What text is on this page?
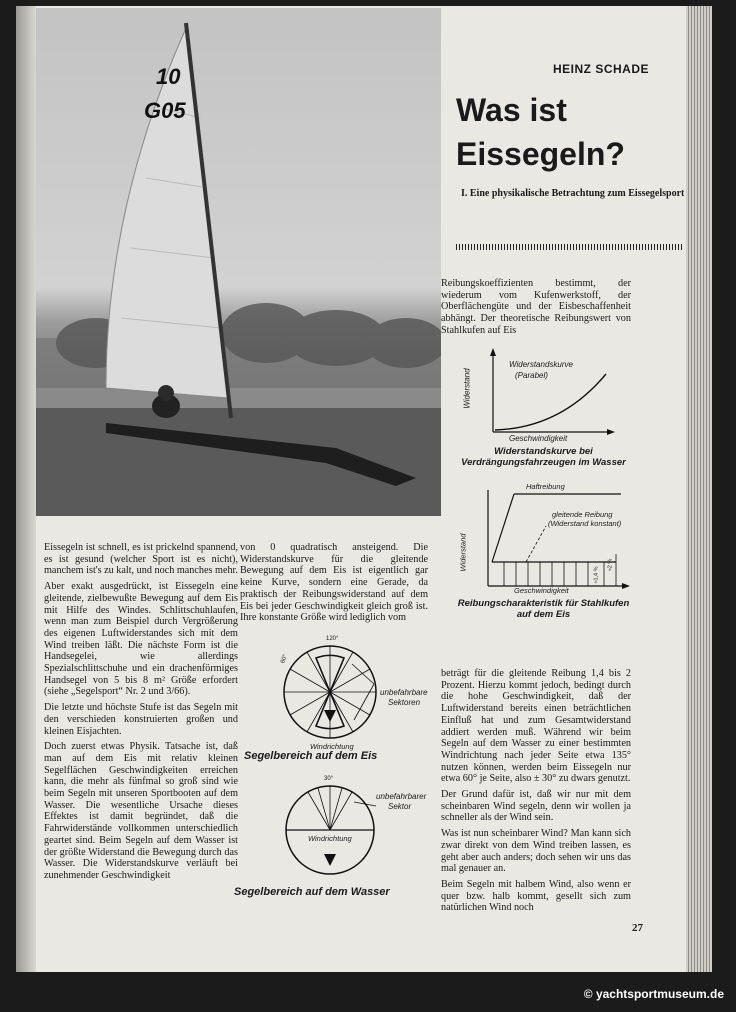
10
G05
HEINZ SCHADE
Was ist Eissegeln?
I. Eine physikalische Betrachtung zum Eissegelsport

Reibungskoeffizienten bestimmt, der wiederum vom Kufenwerkstoff, der Oberflächengüte und der Eisbeschaffenheit abhängt. Der theoretische Reibungswert von Stahlkufen auf Eis

Widerstand
Widerstandskurve
(Parabel)
Geschwindigkeit
Widerstandskurve bei Verdrängungsfahrzeugen im Wasser
Haftreibung
gleitende Reibung
(Widerstand konstant)
Widerstand
≈1,4 %
≈2 %
Geschwindigkeit
Reibungscharakteristik für Stahlkufen auf dem Eis

Eissegeln ist schnell, es ist prickelnd spannend, es ist gesund (welcher Sport ist es nicht), manchem ist's zu kalt, und noch manches mehr.

Aber exakt ausgedrückt, ist Eissegeln eine gleitende, zielbewußte Bewegung auf dem Eis mit Hilfe des Windes. Schlittschuhlaufen, wenn man zum Beispiel durch Vergrößerung des eigenen Luftwiderstandes sich mit dem Wind treiben läßt. Die nächste Form ist die Handsegelei, wie allerdings Spezialschlittschuhe und ein drachenförmiges Handsegel von 5 bis 8 m² Größe erfordert (siehe „Segelsport“ Nr. 2 und 3/66).

Die letzte und höchste Stufe ist das Segeln mit den verschieden konstruierten großen und kleinen Eisjachten.

Doch zuerst etwas Physik. Tatsache ist, daß man auf dem Eis mit relativ kleinen Segelflächen Geschwindigkeiten erreichen kann, die mehr als fünfmal so groß sind wie beim Segeln mit unseren Sportbooten auf dem Wasser. Die wesentliche Ursache dieses Effektes ist damit begründet, daß die Fahrwiderstände vollkommen unterschiedlich geartet sind. Beim Segeln auf dem Wasser ist der größte Widerstand die Bewegung durch das Wasser. Die Widerstandskurve verläuft bei zunehmender Geschwindigkeit

von 0 quadratisch ansteigend. Die Widerstandskurve für die gleitende Bewegung auf dem Eis ist eigentlich gar keine Kurve, sondern eine Gerade, da praktisch der Reibungswiderstand auf dem Eis bei jeder Geschwindigkeit gleich groß ist. Ihre konstante Größe wird lediglich vom

120°
60°
unbefahrbare
Sektoren
Windrichtung
Segelbereich auf dem Eis
30°
unbefahrbarer
Sektor
Windrichtung
Segelbereich auf dem Wasser

beträgt für die gleitende Reibung 1,4 bis 2 Prozent. Hierzu kommt jedoch, bedingt durch die hohe Geschwindigkeit, daß der Luftwiderstand bereits einen beträchtlichen Einfluß hat und zum Gesamtwiderstand addiert werden muß. Während wir beim Segeln auf dem Wasser zu einer bestimmten Windrichtung nach jeder Seite etwa 135° nutzen können, werden beim Eissegeln nur etwa 60° je Seite, also ± 30° zu dwars genutzt.

Der Grund dafür ist, daß wir nur mit dem scheinbaren Wind segeln, denn wir wollen ja schneller als der Wind sein.

Was ist nun scheinbarer Wind? Man kann sich zwar direkt von dem Wind treiben lassen, es geht aber auch anders; doch sehen wir uns das mal genauer an.

Beim Segeln mit halbem Wind, also wenn er quer bzw. halb kommt, gesellt sich zum natürlichen Wind noch

27
© yachtsportmuseum.de
